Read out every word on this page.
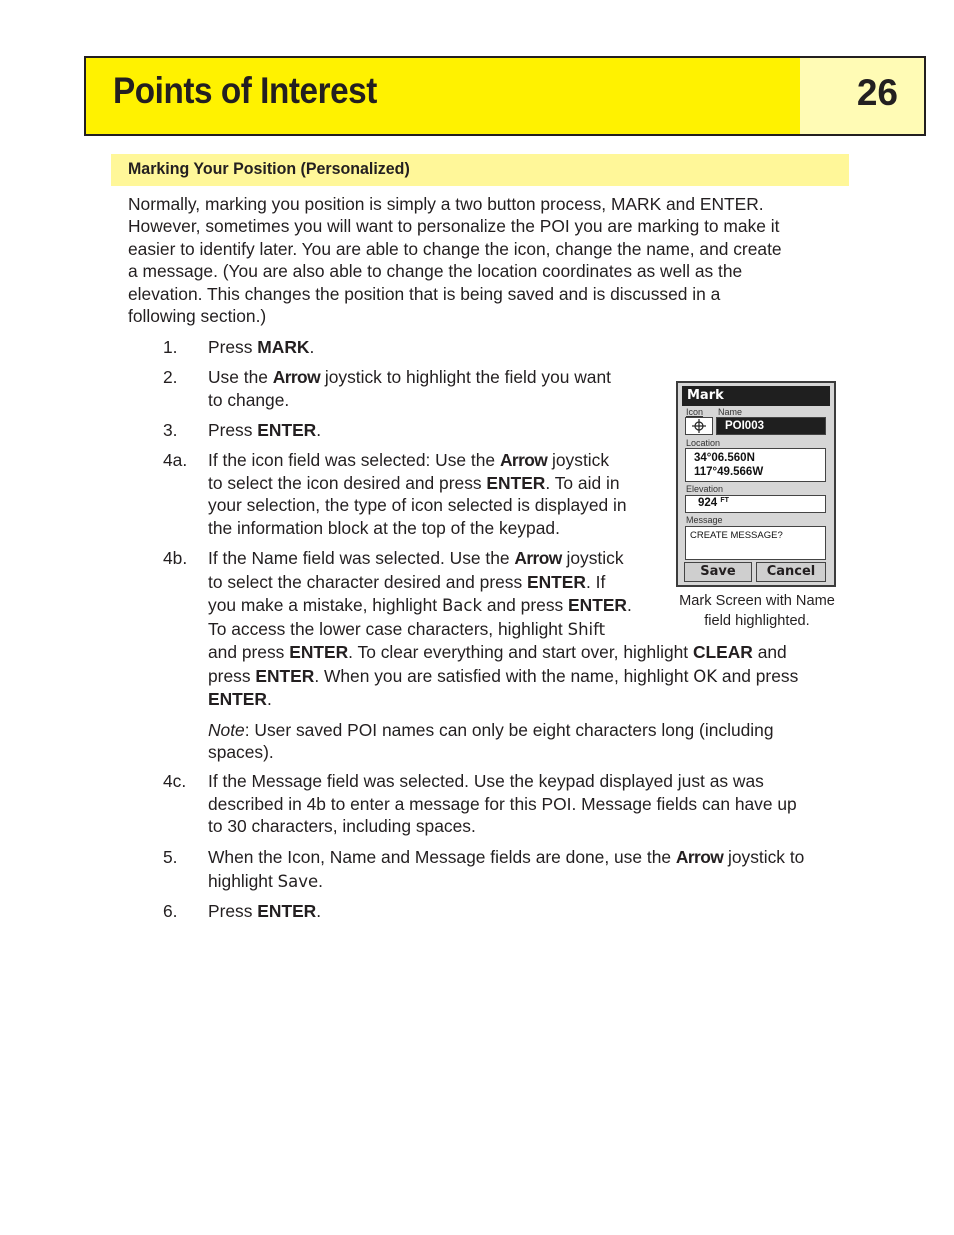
Points of Interest	26
Marking Your Position (Personalized)
Normally, marking you position is simply a two button process, MARK and ENTER.
However, sometimes you will want to personalize the POI you are marking to make it
easier to identify later. You are able to change the icon, change the name, and create
a message. (You are also able to change the location coordinates as well as the
elevation. This changes the position that is being saved and is discussed in a
following section.)
1. Press MARK.
2. Use the Arrow joystick to highlight the field you want
to change.
3. Press ENTER.
4a. If the icon field was selected: Use the Arrow joystick
to select the icon desired and press ENTER. To aid in
your selection, the type of icon selected is displayed in
the information block at the top of the keypad.
4b. If the Name field was selected. Use the Arrow joystick
to select the character desired and press ENTER. If
you make a mistake, highlight Back and press ENTER.
To access the lower case characters, highlight Shift
and press ENTER. To clear everything and start over, highlight CLEAR and
press ENTER. When you are satisfied with the name, highlight OK and press
ENTER.
Note: User saved POI names can only be eight characters long (including
spaces).
4c. If the Message field was selected. Use the keypad displayed just as was
described in 4b to enter a message for this POI. Message fields can have up
to 30 characters, including spaces.
5. When the Icon, Name and Message fields are done, use the Arrow joystick to
highlight Save.
6. Press ENTER.
Mark
Icon Name
POI003
Location
34°06.560N
117°49.566W
Elevation
924 $^{FT}$
Message
CREATE MESSAGE?
Save	Cancel
Mark Screen with Name
field highlighted.
